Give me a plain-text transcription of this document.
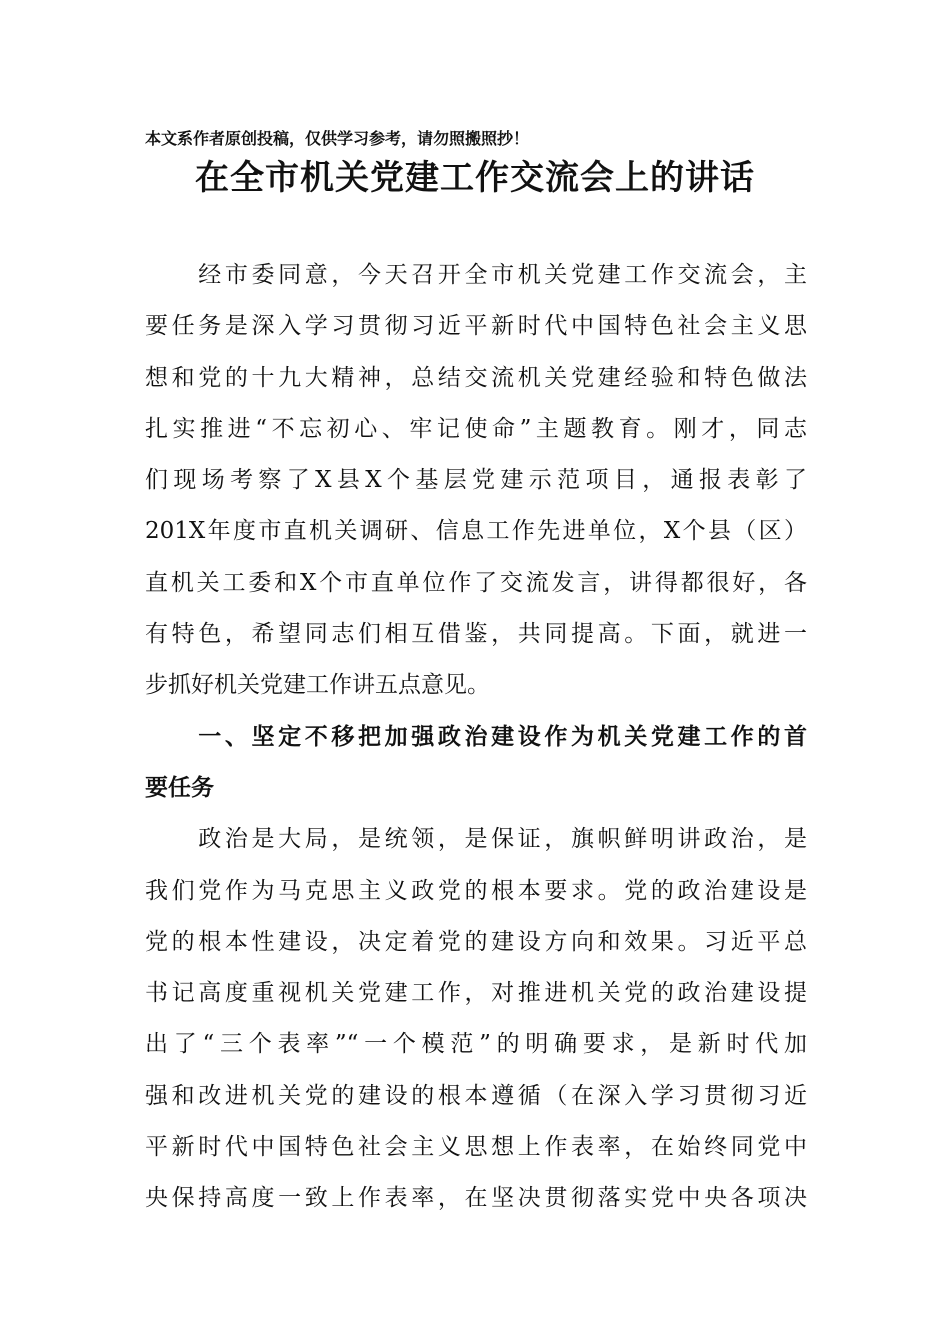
本文系作者原创投稿，仅供学习参考，请勿照搬照抄！
在全市机关党建工作交流会上的讲话
　　经市委同意，今天召开全市机关党建工作交流会，主
要任务是深入学习贯彻习近平新时代中国特色社会主义思
想和党的十九大精神，总结交流机关党建经验和特色做法
扎实推进“不忘初心、牢记使命”主题教育。刚才，同志
们现场考察了X县X个基层党建示范项目，通报表彰了
201X年度市直机关调研、信息工作先进单位，X个县（区）
直机关工委和X个市直单位作了交流发言，讲得都很好，各
有特色，希望同志们相互借鉴，共同提高。下面，就进一
步抓好机关党建工作讲五点意见。
　　一、坚定不移把加强政治建设作为机关党建工作的首
要任务
　　政治是大局，是统领，是保证，旗帜鲜明讲政治，是
我们党作为马克思主义政党的根本要求。党的政治建设是
党的根本性建设，决定着党的建设方向和效果。习近平总
书记高度重视机关党建工作，对推进机关党的政治建设提
出了“三个表率”“一个模范”的明确要求，是新时代加
强和改进机关党的建设的根本遵循（在深入学习贯彻习近
平新时代中国特色社会主义思想上作表率，在始终同党中
央保持高度一致上作表率，在坚决贯彻落实党中央各项决
